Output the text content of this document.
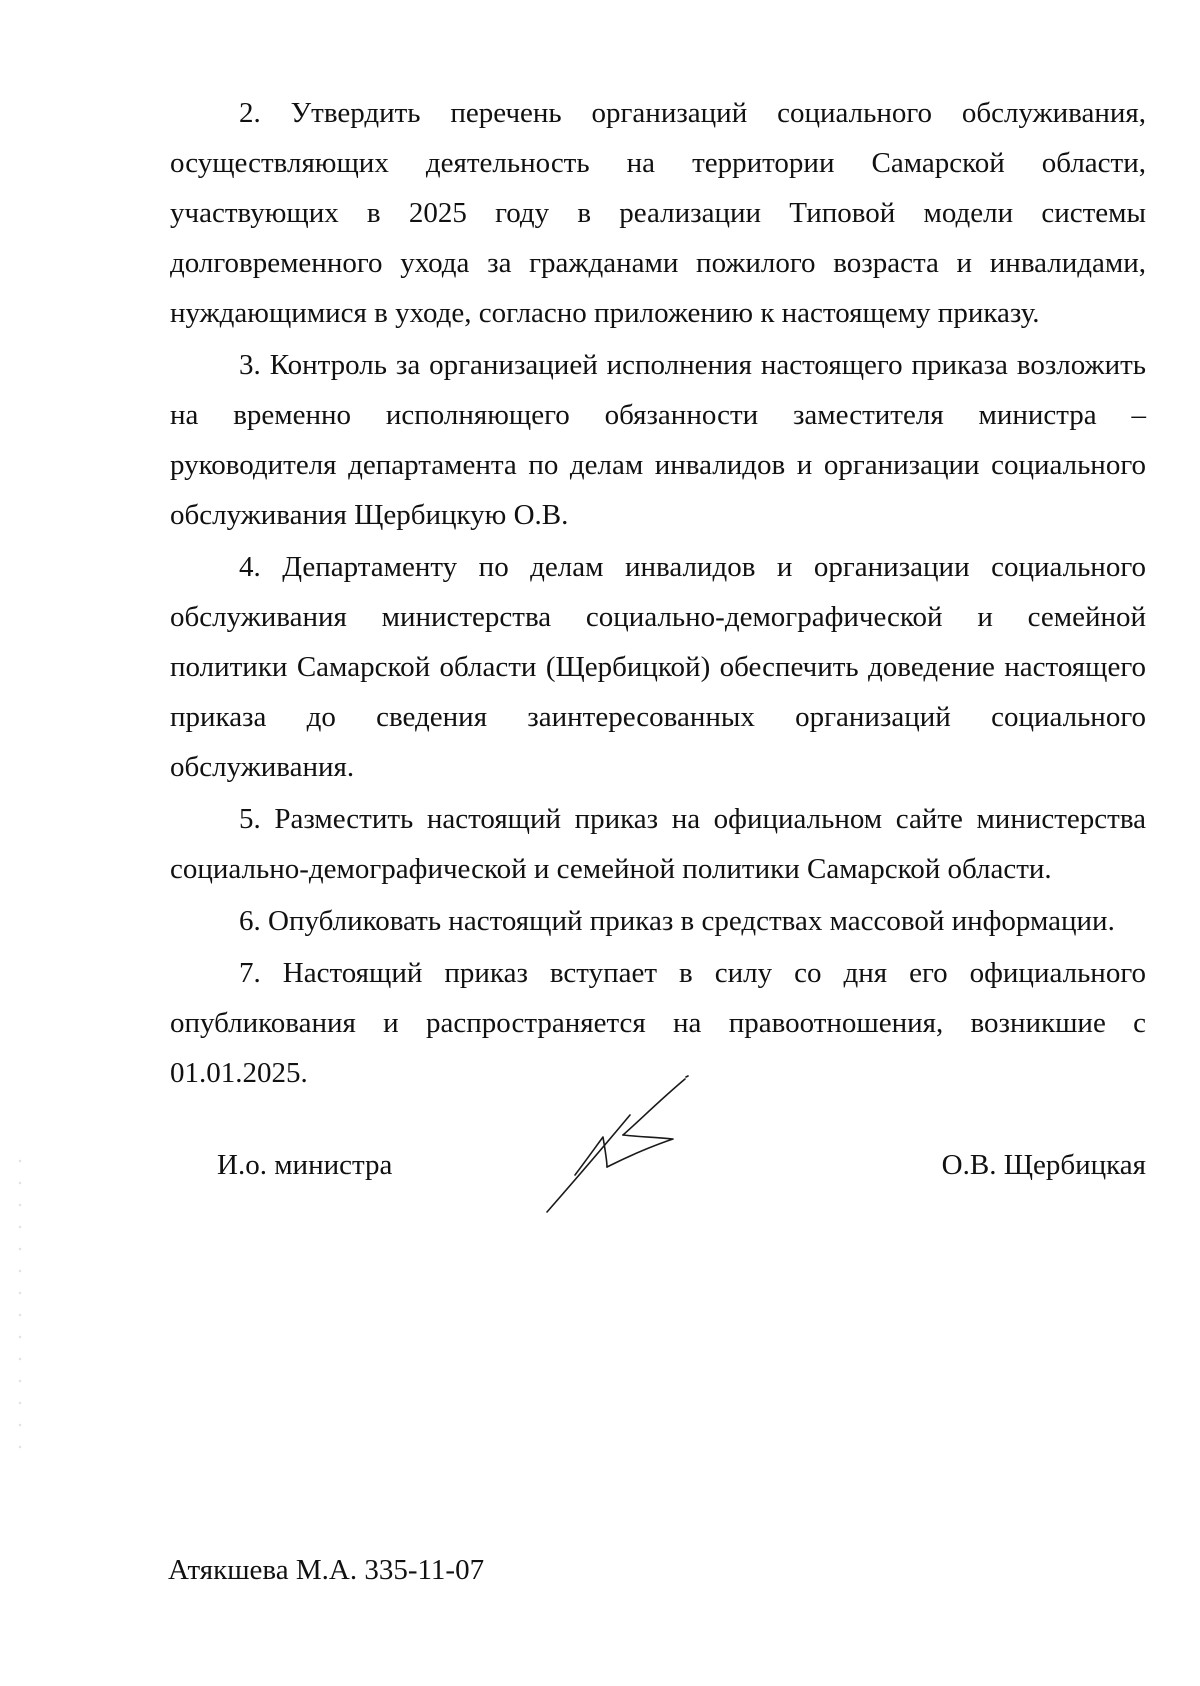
2. Утвердить перечень организаций социального обслуживания, осуществляющих деятельность на территории Самарской области, участвующих в 2025 году в реализации Типовой модели системы долговременного ухода за гражданами пожилого возраста и инвалидами, нуждающимися в уходе, согласно приложению к настоящему приказу.

3. Контроль за организацией исполнения настоящего приказа возложить на временно исполняющего обязанности заместителя министра – руководителя департамента по делам инвалидов и организации социального обслуживания Щербицкую О.В.

4. Департаменту по делам инвалидов и организации социального обслуживания министерства социально-демографической и семейной политики Самарской области (Щербицкой) обеспечить доведение настоящего приказа до сведения заинтересованных организаций социального обслуживания.

5. Разместить настоящий приказ на официальном сайте министерства социально-демографической и семейной политики Самарской области.

6. Опубликовать настоящий приказ в средствах массовой информации.

7. Настоящий приказ вступает в силу со дня его официального опубликования и распространяется на правоотношения, возникшие с 01.01.2025.

И.о. министра	О.В. Щербицкая
Атякшева М.А. 335-11-07
